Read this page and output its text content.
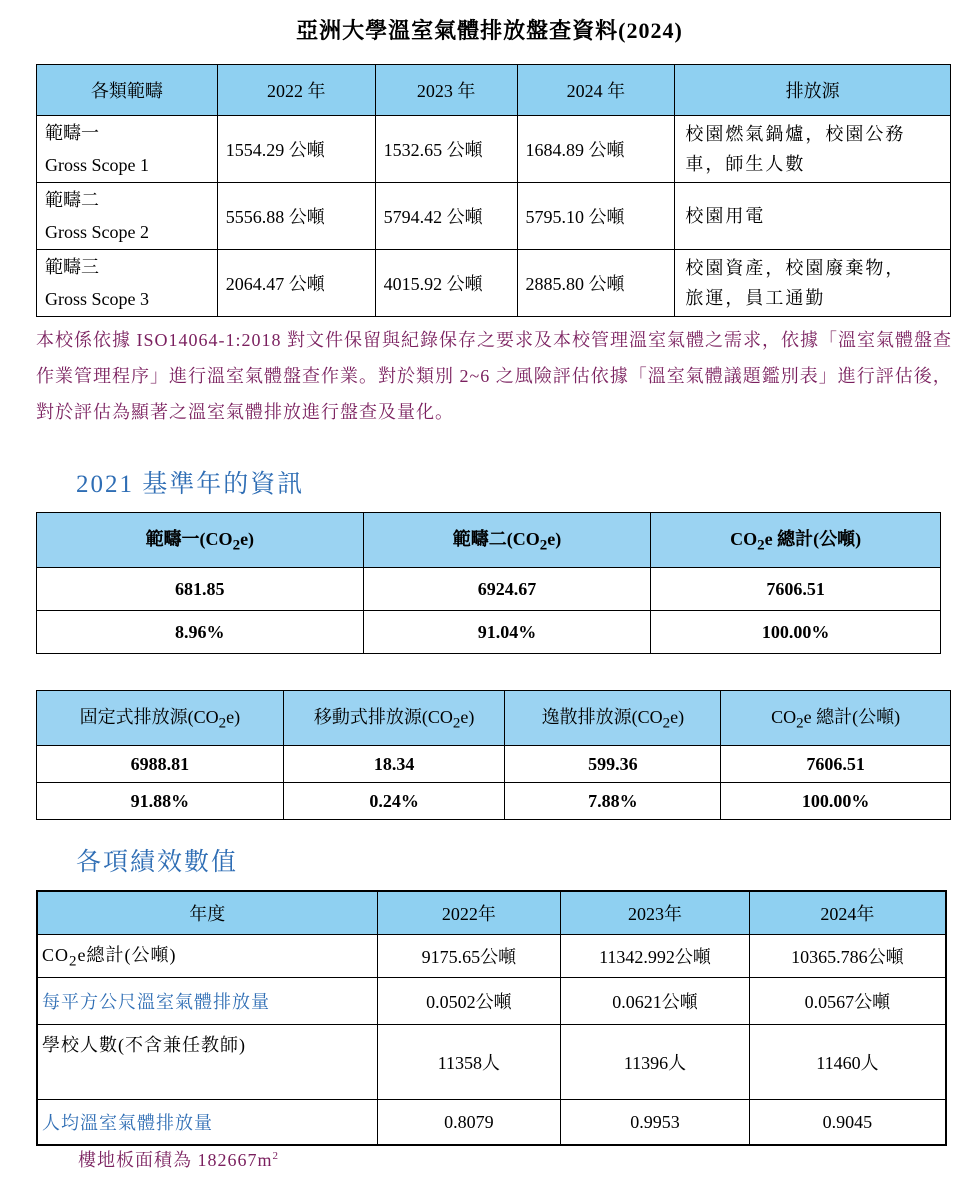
亞洲大學溫室氣體排放盤查資料(2024)
各類範疇	2022 年	2023 年	2024 年	排放源
範疇一
Gross Scope 1	1554.29 公噸	1532.65 公噸	1684.89 公噸	校園燃氣鍋爐，校園公務
車，師生人數
範疇二
Gross Scope 2	5556.88 公噸	5794.42 公噸	5795.10 公噸	校園用電
範疇三
Gross Scope 3	2064.47 公噸	4015.92 公噸	2885.80 公噸	校園資產，校園廢棄物，
旅運，員工通勤
本校係依據 ISO14064-1:2018 對文件保留與紀錄保存之要求及本校管理溫室氣體之需求，依據「溫室氣體盤查作業管理程序」進行溫室氣體盤查作業。對於類別 2~6 之風險評估依據「溫室氣體議題鑑別表」進行評估後，對於評估為顯著之溫室氣體排放進行盤查及量化。
2021 基準年的資訊
範疇一$(CO_2e)$	範疇二$(CO_2e)$	$CO_2e$ 總計(公噸)
681.85	6924.67	7606.51
8.96%	91.04%	100.00%
固定式排放源$(CO_2e)$	移動式排放源$(CO_2e)$	逸散排放源$(CO_2e)$	$CO_2e$ 總計(公噸)
6988.81	18.34	599.36	7606.51
91.88%	0.24%	7.88%	100.00%
各項績效數值
年度	2022年	2023年	2024年
$CO_2e$總計(公噸)	9175.65公噸	11342.992公噸	10365.786公噸
每平方公尺溫室氣體排放量	0.0502公噸	0.0621公噸	0.0567公噸
學校人數(不含兼任教師)	11358人	11396人	11460人
人均溫室氣體排放量	0.8079	0.9953	0.9045
樓地板面積為 $182667m^2$
